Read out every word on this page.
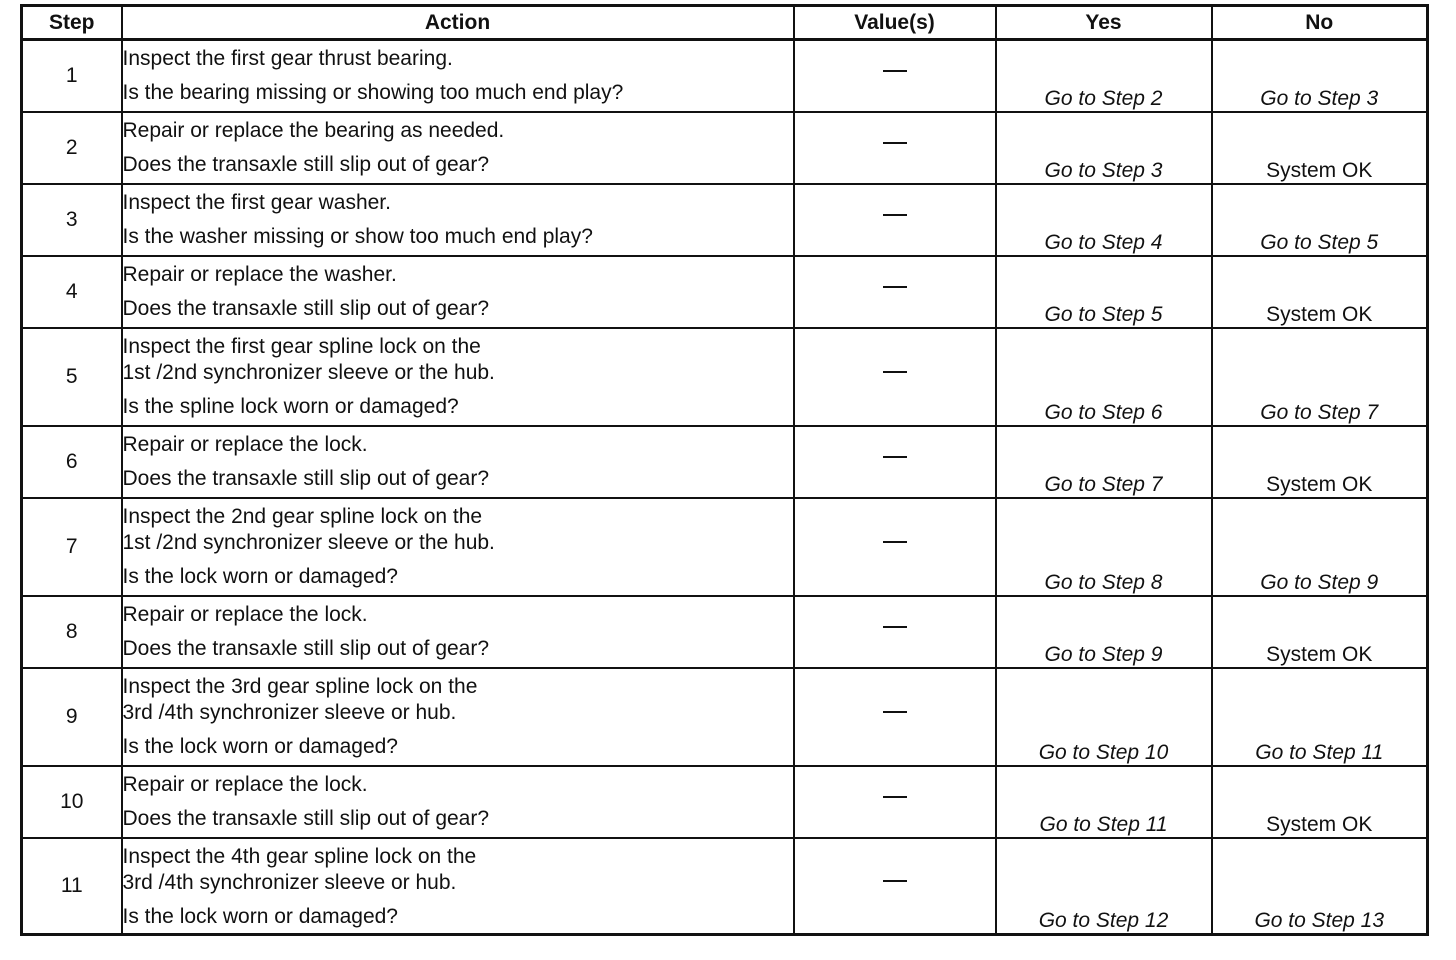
Step	Action	Value(s)	Yes	No
1	Inspect the first gear thrust bearing.
Is the bearing missing or showing too much end play?		Go to Step 2	Go to Step 3
2	Repair or replace the bearing as needed.
Does the transaxle still slip out of gear?		Go to Step 3	System OK
3	Inspect the first gear washer.
Is the washer missing or show too much end play?		Go to Step 4	Go to Step 5
4	Repair or replace the washer.
Does the transaxle still slip out of gear?		Go to Step 5	System OK
5	Inspect the first gear spline lock on the
1st /2nd synchronizer sleeve or the hub.
Is the spline lock worn or damaged?		Go to Step 6	Go to Step 7
6	Repair or replace the lock.
Does the transaxle still slip out of gear?		Go to Step 7	System OK
7	Inspect the 2nd gear spline lock on the
1st /2nd synchronizer sleeve or the hub.
Is the lock worn or damaged?		Go to Step 8	Go to Step 9
8	Repair or replace the lock.
Does the transaxle still slip out of gear?		Go to Step 9	System OK
9	Inspect the 3rd gear spline lock on the
3rd /4th synchronizer sleeve or hub.
Is the lock worn or damaged?		Go to Step 10	Go to Step 11
10	Repair or replace the lock.
Does the transaxle still slip out of gear?		Go to Step 11	System OK
11	Inspect the 4th gear spline lock on the
3rd /4th synchronizer sleeve or hub.
Is the lock worn or damaged?		Go to Step 12	Go to Step 13
